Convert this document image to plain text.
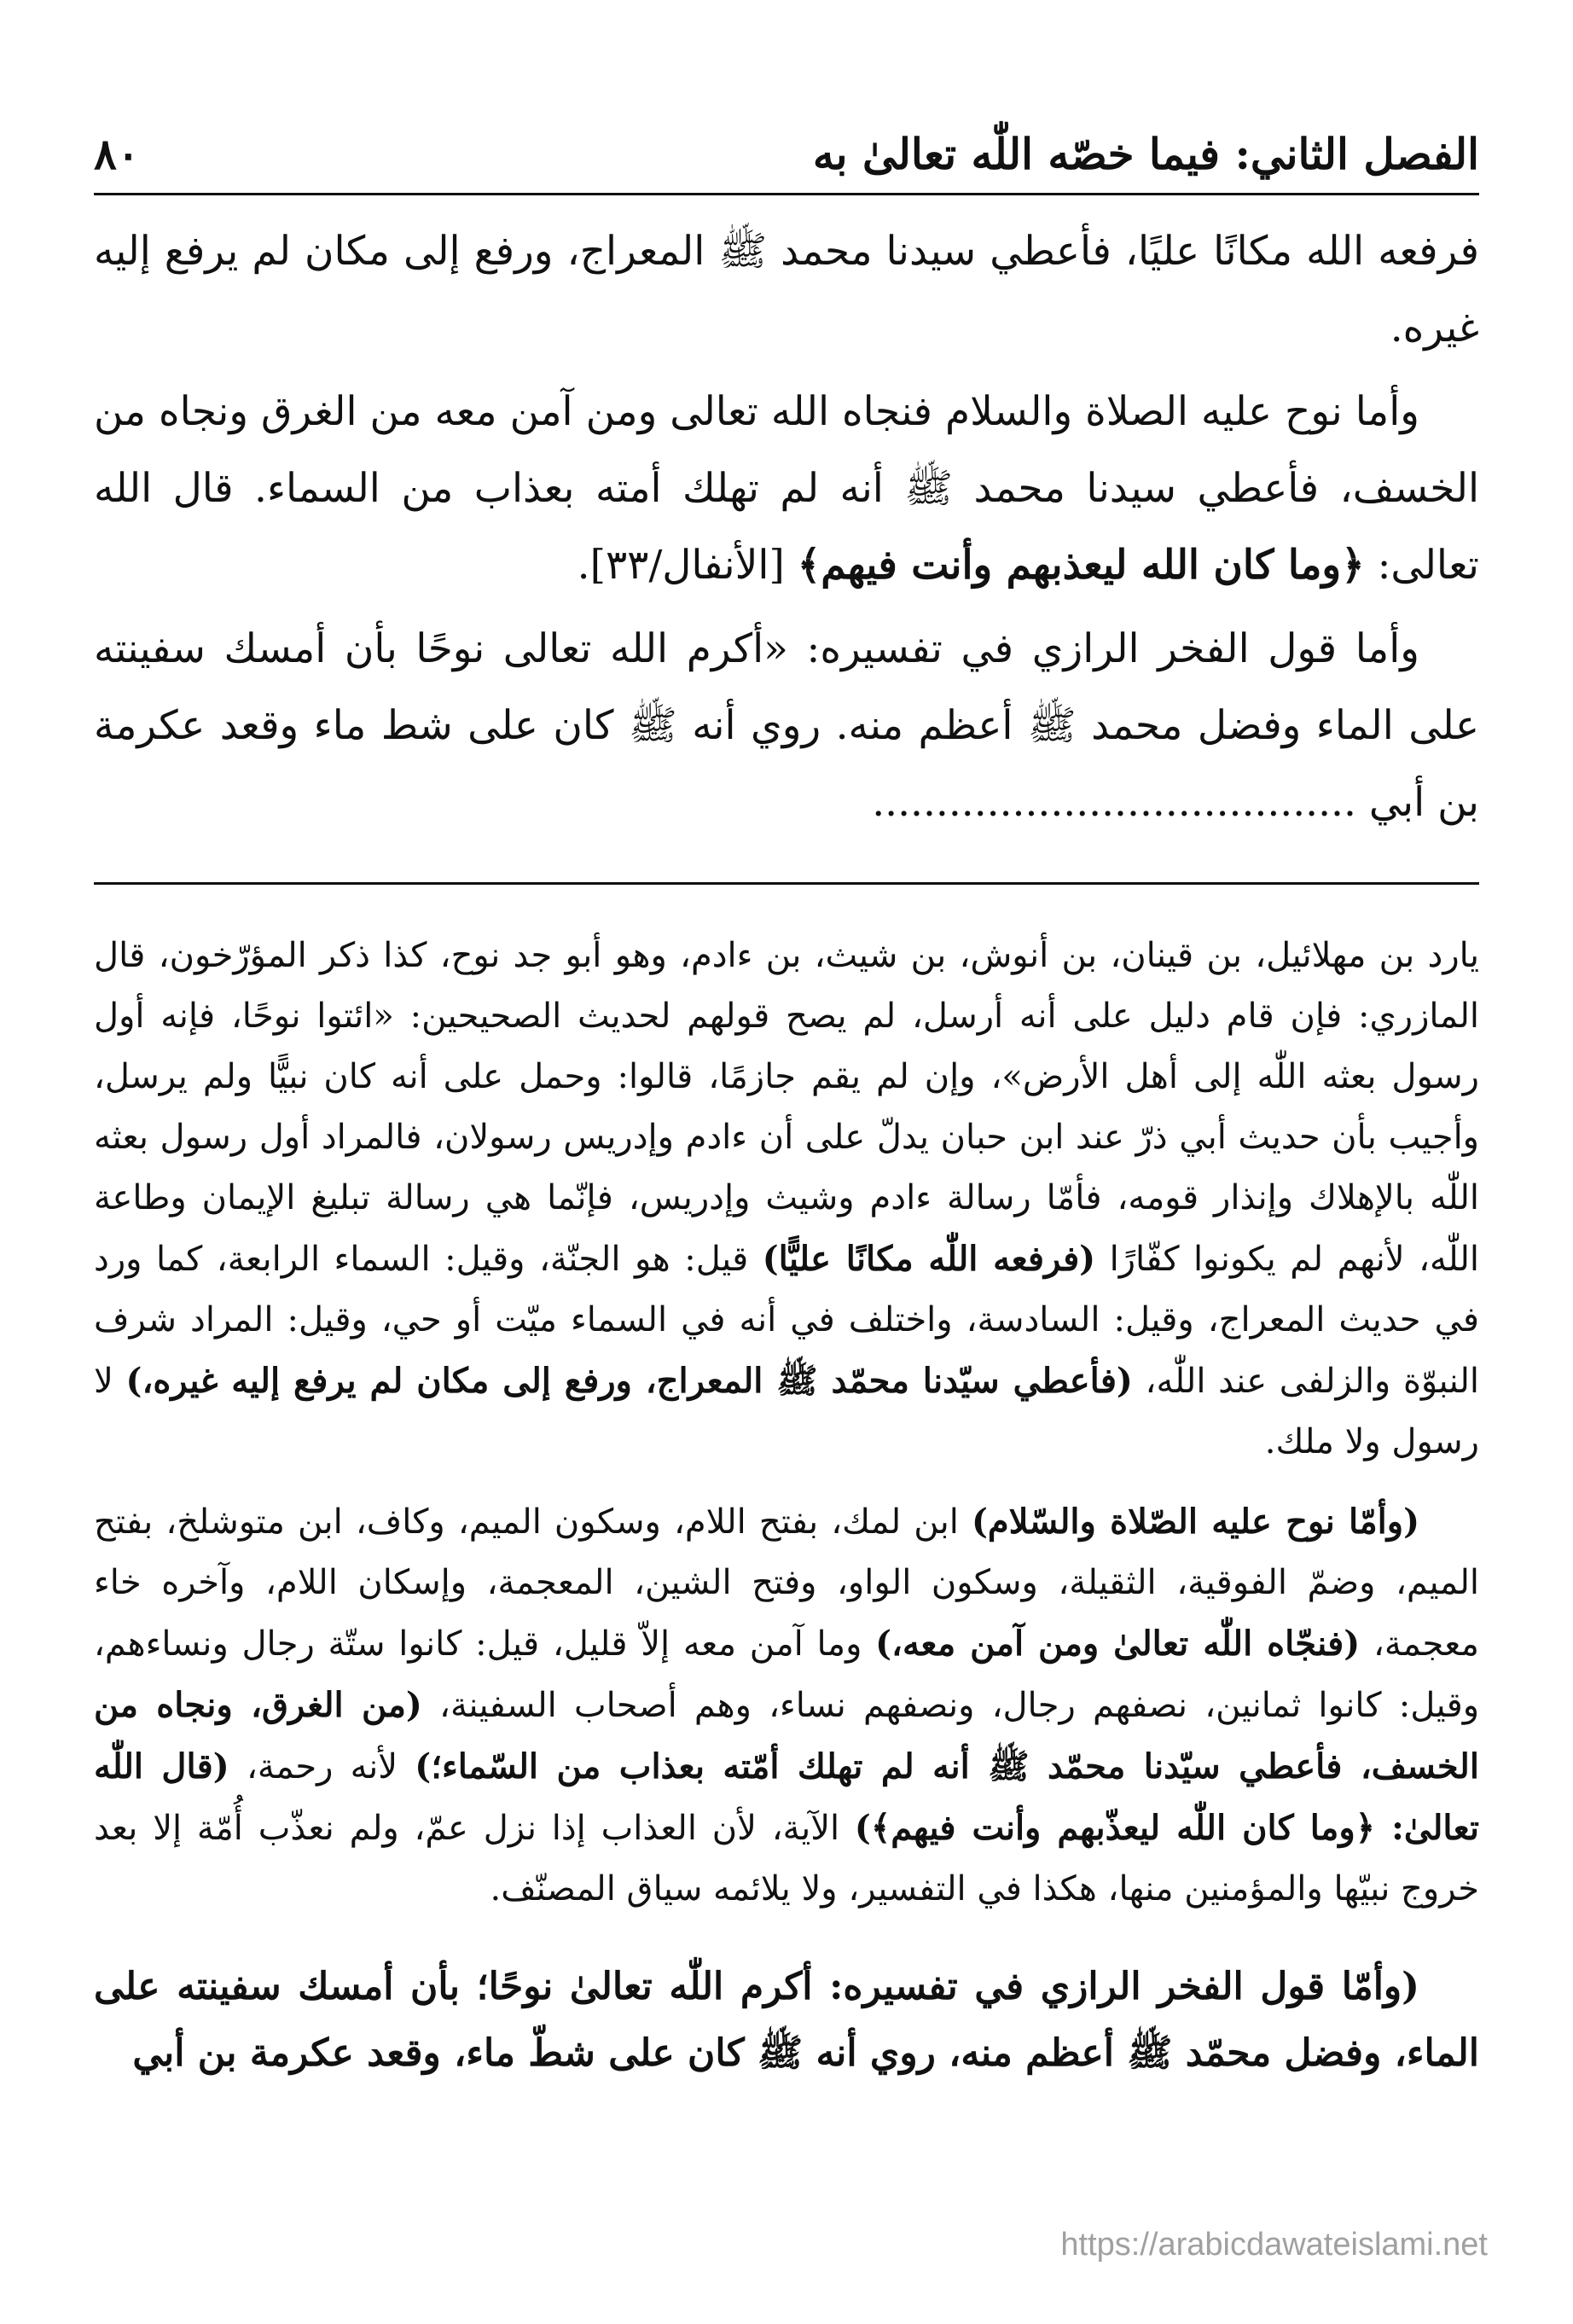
الفصل الثاني: فيما خصّه اللّٰه تعالىٰ به
٨٠

فرفعه الله مكانًا عليًا، فأعطي سيدنا محمد ﷺ المعراج، ورفع إلى مكان لم يرفع إليه غيره.

وأما نوح عليه الصلاة والسلام فنجاه الله تعالى ومن آمن معه من الغرق ونجاه من الخسف، فأعطي سيدنا محمد ﷺ أنه لم تهلك أمته بعذاب من السماء. قال الله تعالى: ﴿وما كان الله ليعذبهم وأنت فيهم﴾ [الأنفال/٣٣].

وأما قول الفخر الرازي في تفسيره: «أكرم الله تعالى نوحًا بأن أمسك سفينته على الماء وفضل محمد ﷺ أعظم منه. روي أنه ﷺ كان على شط ماء وقعد عكرمة بن أبي ......................................

يارد بن مهلائيل، بن قينان، بن أنوش، بن شيث، بن ءادم، وهو أبو جد نوح، كذا ذكر المؤرّخون، قال المازري: فإن قام دليل على أنه أرسل، لم يصح قولهم لحديث الصحيحين: «ائتوا نوحًا، فإنه أول رسول بعثه اللّٰه إلى أهل الأرض»، وإن لم يقم جازمًا، قالوا: وحمل على أنه كان نبيًّا ولم يرسل، وأجيب بأن حديث أبي ذرّ عند ابن حبان يدلّ على أن ءادم وإدريس رسولان، فالمراد أول رسول بعثه اللّٰه بالإهلاك وإنذار قومه، فأمّا رسالة ءادم وشيث وإدريس، فإنّما هي رسالة تبليغ الإيمان وطاعة اللّٰه، لأنهم لم يكونوا كفّارًا (فرفعه اللّٰه مكانًا عليًّا) قيل: هو الجنّة، وقيل: السماء الرابعة، كما ورد في حديث المعراج، وقيل: السادسة، واختلف في أنه في السماء ميّت أو حي، وقيل: المراد شرف النبوّة والزلفى عند اللّٰه، (فأعطي سيّدنا محمّد ﷺ المعراج، ورفع إلى مكان لم يرفع إليه غيره،) لا رسول ولا ملك.

(وأمّا نوح عليه الصّلاة والسّلام) ابن لمك، بفتح اللام، وسكون الميم، وكاف، ابن متوشلخ، بفتح الميم، وضمّ الفوقية، الثقيلة، وسكون الواو، وفتح الشين، المعجمة، وإسكان اللام، وآخره خاء معجمة، (فنجّاه اللّٰه تعالىٰ ومن آمن معه،) وما آمن معه إلاّ قليل، قيل: كانوا ستّة رجال ونساءهم، وقيل: كانوا ثمانين، نصفهم رجال، ونصفهم نساء، وهم أصحاب السفينة، (من الغرق، ونجاه من الخسف، فأعطي سيّدنا محمّد ﷺ أنه لم تهلك أمّته بعذاب من السّماء؛) لأنه رحمة، (قال اللّٰه تعالىٰ: ﴿وما كان اللّٰه ليعذّبهم وأنت فيهم﴾) الآية، لأن العذاب إذا نزل عمّ، ولم نعذّب أُمّة إلا بعد خروج نبيّها والمؤمنين منها، هكذا في التفسير، ولا يلائمه سياق المصنّف.

(وأمّا قول الفخر الرازي في تفسيره: أكرم اللّٰه تعالىٰ نوحًا؛ بأن أمسك سفينته على الماء، وفضل محمّد ﷺ أعظم منه، روي أنه ﷺ كان على شطّ ماء، وقعد عكرمة بن أبي

https://arabicdawateislami.net
